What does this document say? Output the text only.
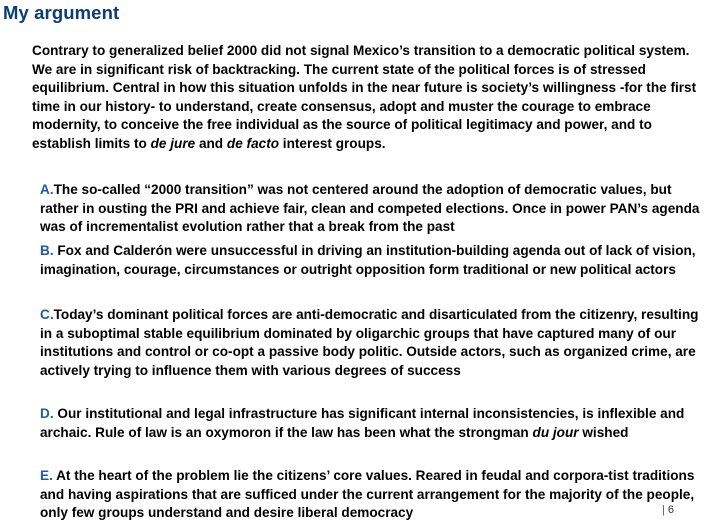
My argument
Contrary to generalized belief 2000 did not signal Mexico’s transition to a democratic political system. We are in significant risk of backtracking. The current state of the political forces is of stressed equilibrium. Central in how this situation unfolds in the near future is society’s willingness -for the first time in our history- to understand, create consensus, adopt and muster the courage to embrace modernity, to conceive the free individual as the source of political legitimacy and power, and to establish limits to de jure and de facto interest groups.
A.The so-called “2000 transition” was not centered around the adoption of democratic values, but rather in ousting the PRI and achieve fair, clean and competed elections. Once in power PAN’s agenda was of incrementalist evolution rather that a break from the past
B. Fox and Calderón were unsuccessful in driving an institution-building agenda out of lack of vision, imagination, courage, circumstances or outright opposition form traditional or new political actors
C.Today’s dominant political forces are anti-democratic and disarticulated from the citizenry, resulting in a suboptimal stable equilibrium dominated by oligarchic groups that have captured many of our institutions and control or co-opt a passive body politic. Outside actors, such as organized crime, are actively trying to influence them with various degrees of success
D. Our institutional and legal infrastructure has significant internal inconsistencies, is inflexible and archaic. Rule of law is an oxymoron if the law has been what the strongman du jour wished
E. At the heart of the problem lie the citizens’ core values. Reared in feudal and corpora-tist traditions and having aspirations that are sufficed under the current arrangement for the majority of the people, only few groups understand and desire liberal democracy	| 6
